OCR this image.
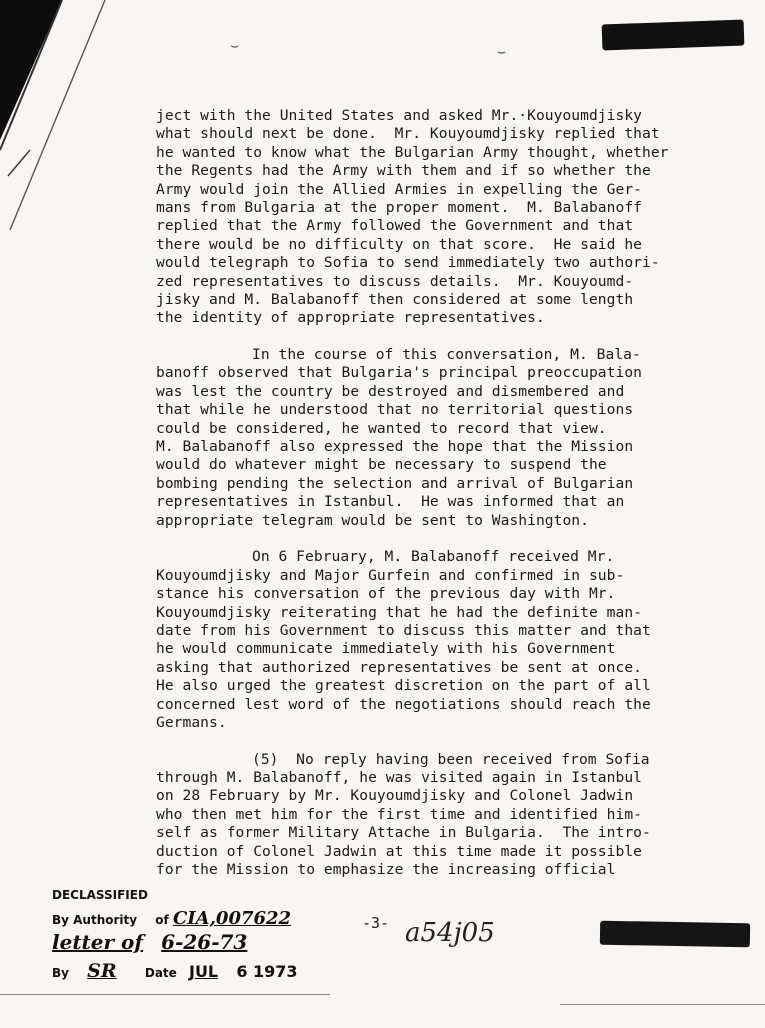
⌣	⌣
ject with the United States and asked Mr.·Kouyoumdjisky
what should next be done.  Mr. Kouyoumdjisky replied that
he wanted to know what the Bulgarian Army thought, whether
the Regents had the Army with them and if so whether the
Army would join the Allied Armies in expelling the Ger-
mans from Bulgaria at the proper moment.  M. Balabanoff
replied that the Army followed the Government and that
there would be no difficulty on that score.  He said he
would telegraph to Sofia to send immediately two authori-
zed representatives to discuss details.  Mr. Kouyoumd-
jisky and M. Balabanoff then considered at some length
the identity of appropriate representatives.
In the course of this conversation, M. Bala-
banoff observed that Bulgaria's principal preoccupation
was lest the country be destroyed and dismembered and
that while he understood that no territorial questions
could be considered, he wanted to record that view.
M. Balabanoff also expressed the hope that the Mission
would do whatever might be necessary to suspend the
bombing pending the selection and arrival of Bulgarian
representatives in Istanbul.  He was informed that an
appropriate telegram would be sent to Washington.
On 6 February, M. Balabanoff received Mr.
Kouyoumdjisky and Major Gurfein and confirmed in sub-
stance his conversation of the previous day with Mr.
Kouyoumdjisky reiterating that he had the definite man-
date from his Government to discuss this matter and that
he would communicate immediately with his Government
asking that authorized representatives be sent at once.
He also urged the greatest discretion on the part of all
concerned lest word of the negotiations should reach the
Germans.
(5)  No reply having been received from Sofia
through M. Balabanoff, he was visited again in Istanbul
on 28 February by Mr. Kouyoumdjisky and Colonel Jadwin
who then met him for the first time and identified him-
self as former Military Attache in Bulgaria.  The intro-
duction of Colonel Jadwin at this time made it possible
for the Mission to emphasize the increasing official
DECLASSIFIED
By Authority of CIA,007622
letter of 6-26-73
By SR Date JUL 6 1973
-3- a54j05
